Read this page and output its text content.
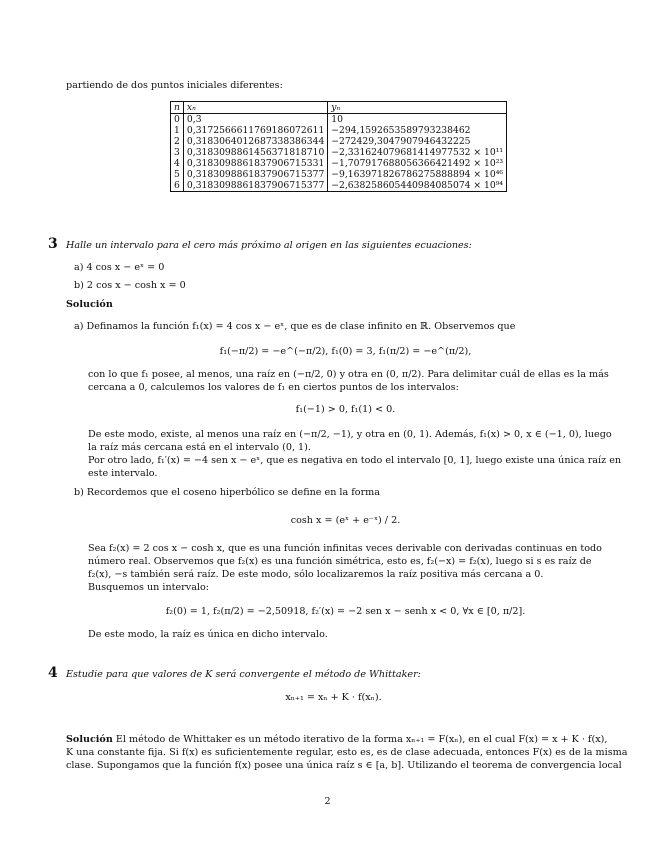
partiendo de dos puntos iniciales diferentes:
n	xₙ	yₙ
0	0,3	10
1	0,3172566611769186072611	−294,1592653589793238462
2	0,3183064012687338386344	−272429,3047907946432225
3	0,3183098861456371818710	−2,331624079681414977532 × 10¹¹
4	0,3183098861837906715331	−1,707917688056366421492 × 10²³
5	0,3183098861837906715377	−9,163971826786275888894 × 10⁴⁶
6	0,3183098861837906715377	−2,638258605440984085074 × 10⁹⁴
3 Halle un intervalo para el cero más próximo al origen en las siguientes ecuaciones:
a) 4 cos x − eˣ = 0
b) 2 cos x − cosh x = 0
Solución
a) Definamos la función f₁(x) = 4 cos x − eˣ, que es de clase infinito en ℝ. Observemos que
f₁(−π/2) = −e^(−π/2), f₁(0) = 3, f₁(π/2) = −e^(π/2),
con lo que f₁ posee, al menos, una raíz en (−π/2, 0) y otra en (0, π/2). Para delimitar cuál de ellas es la más
cercana a 0, calculemos los valores de f₁ en ciertos puntos de los intervalos:
f₁(−1) > 0, f₁(1) < 0.
De este modo, existe, al menos una raíz en (−π/2, −1), y otra en (0, 1). Además, f₁(x) > 0, x ∈ (−1, 0), luego
la raíz más cercana está en el intervalo (0, 1).
Por otro lado, f₁′(x) = −4 sen x − eˣ, que es negativa en todo el intervalo [0, 1], luego existe una única raíz en
este intervalo.
b) Recordemos que el coseno hiperbólico se define en la forma
cosh x = (eˣ + e⁻ˣ) / 2.
Sea f₂(x) = 2 cos x − cosh x, que es una función infinitas veces derivable con derivadas continuas en todo
número real. Observemos que f₂(x) es una función simétrica, esto es, f₂(−x) = f₂(x), luego si s es raíz de
f₂(x), −s también será raíz. De este modo, sólo localizaremos la raíz positiva más cercana a 0.
Busquemos un intervalo:
f₂(0) = 1, f₂(π/2) = −2,50918, f₂′(x) = −2 sen x − senh x < 0, ∀x ∈ [0, π/2].
De este modo, la raíz es única en dicho intervalo.
4 Estudie para que valores de K será convergente el método de Whittaker:
xₙ₊₁ = xₙ + K · f(xₙ).
Solución El método de Whittaker es un método iterativo de la forma xₙ₊₁ = F(xₙ), en el cual F(x) = x + K · f(x),
K una constante fija. Si f(x) es suficientemente regular, esto es, es de clase adecuada, entonces F(x) es de la misma
clase. Supongamos que la función f(x) posee una única raíz s ∈ [a, b]. Utilizando el teorema de convergencia local
2
